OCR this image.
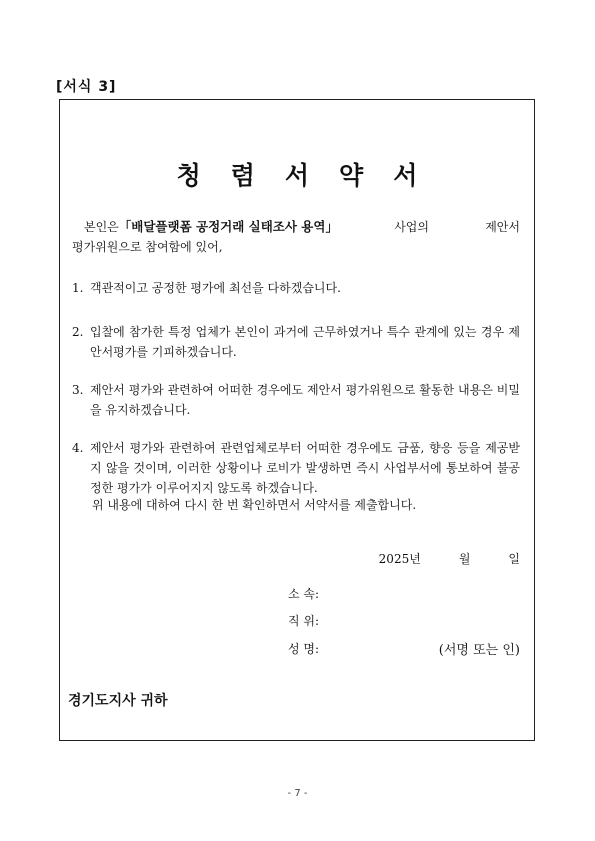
[서식 3]
청렴서약서
본인은「배달플랫폼 공정거래 실태조사 용역」	사업의	제안서
평가위원으로 참여함에 있어,
1. 객관적이고 공정한 평가에 최선을 다하겠습니다.
2. 입찰에 참가한 특정 업체가 본인이 과거에 근무하였거나 특수 관계에 있는 경우 제안서평가를 기피하겠습니다.
3. 제안서 평가와 관련하여 어떠한 경우에도 제안서 평가위원으로 활동한 내용은 비밀을 유지하겠습니다.
4. 제안서 평가와 관련하여 관련업체로부터 어떠한 경우에도 금품, 향응 등을 제공받지 않을 것이며, 이러한 상황이나 로비가 발생하면 즉시 사업부서에 통보하여 불공정한 평가가 이루어지지 않도록 하겠습니다.
위 내용에 대하여 다시 한 번 확인하면서 서약서를 제출합니다.
2025년	월	일
소 속:
직 위:
성 명:	(서명 또는 인)
경기도지사 귀하
- 7 -
